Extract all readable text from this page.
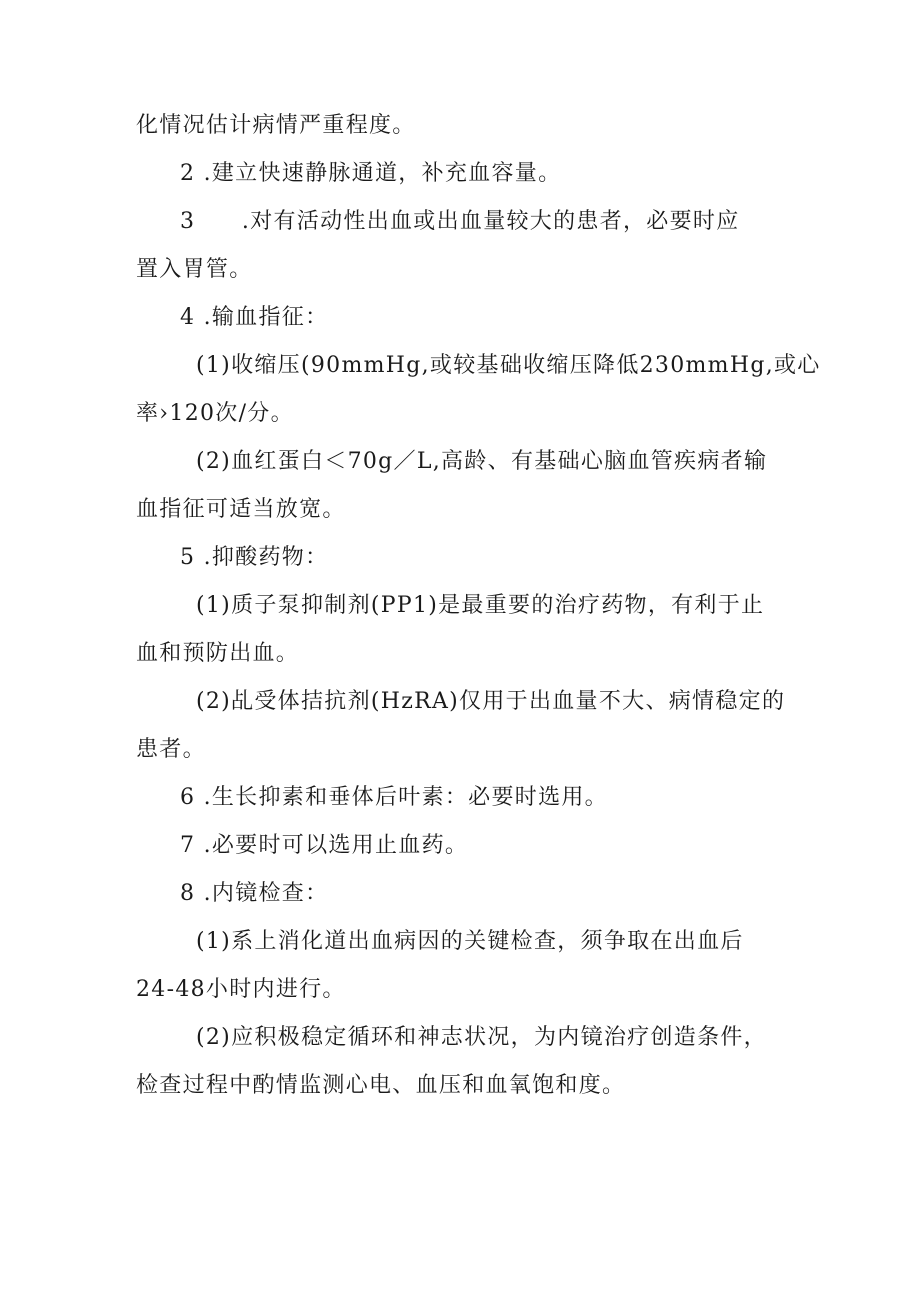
化情况估计病情严重程度。
2 .建立快速静脉通道，补充血容量。
3　　.对有活动性出血或出血量较大的患者，必要时应
置入胃管。
4 .输血指征：
(1)收缩压(90mmHg,或较基础收缩压降低230mmHg,或心
率›120次/分。
(2)血红蛋白＜70g／L,高龄、有基础心脑血管疾病者输
血指征可适当放宽。
5 .抑酸药物：
(1)质子泵抑制剂(PP1)是最重要的治疗药物，有利于止
血和预防出血。
(2)乩受体拮抗剂(HzRA)仅用于出血量不大、病情稳定的
患者。
6 .生长抑素和垂体后叶素：必要时选用。
7 .必要时可以选用止血药。
8 .内镜检查：
(1)系上消化道出血病因的关键检查，须争取在出血后
24-48小时内进行。
(2)应积极稳定循环和神志状况，为内镜治疗创造条件，
检查过程中酌情监测心电、血压和血氧饱和度。
